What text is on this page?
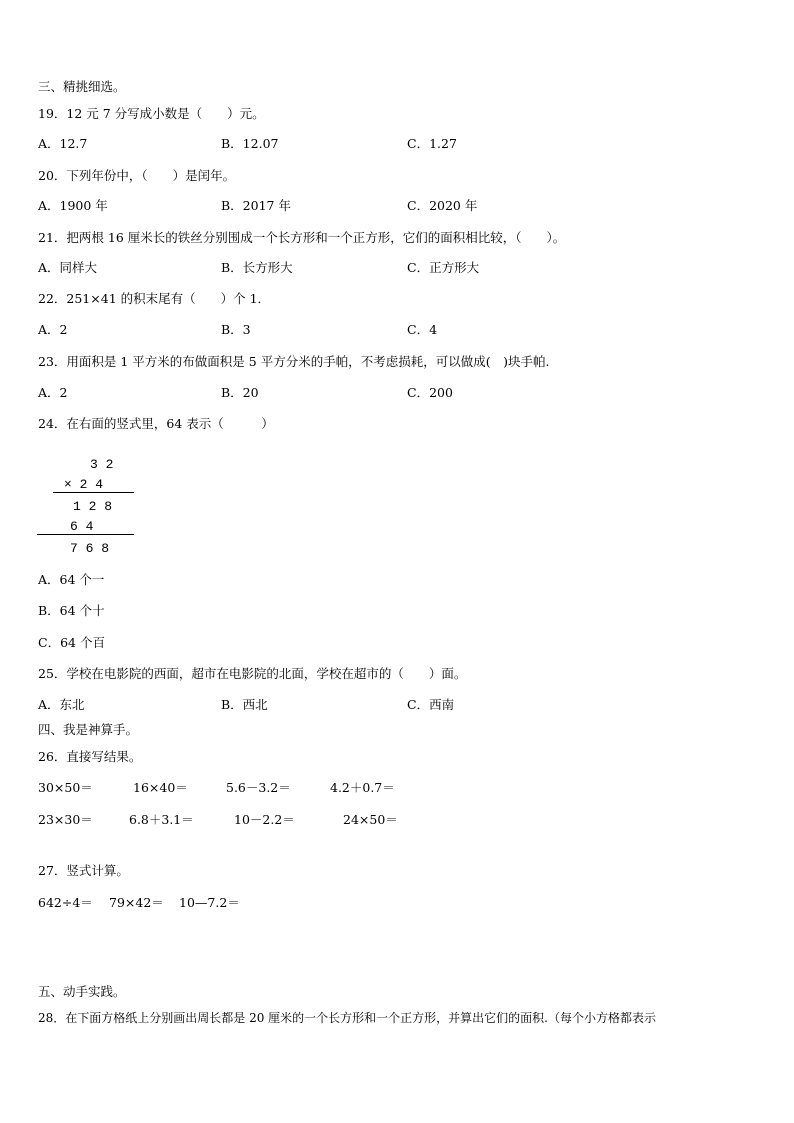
三、精挑细选。
19．12 元 7 分写成小数是（　　）元。
A．12.7	B．12.07	C．1.27
20．下列年份中，（　　）是闰年。
A．1900 年	B．2017 年	C．2020 年
21．把两根 16 厘米长的铁丝分别围成一个长方形和一个正方形，它们的面积相比较，（　　）。
A．同样大	B．长方形大	C．正方形大
22．251×41 的积末尾有（　　）个 1．
A．2	B．3	C．4
23．用面积是 1 平方米的布做面积是 5 平方分米的手帕，不考虑损耗，可以做成(　)块手帕.
A．2	B．20	C．200
24．在右面的竖式里，64 表示（　　　）
3 2
× 2 4
1 2 8
6 4
7 6 8
A．64 个一
B．64 个十
C．64 个百
25．学校在电影院的西面，超市在电影院的北面，学校在超市的（　　）面。
A．东北	B．西北	C．西南
四、我是神算手。
26．直接写结果。
30×50＝	16×40＝	5.6－3.2＝	4.2＋0.7＝
23×30＝	6.8＋3.1＝	10－2.2＝	24×50＝
27．竖式计算。
642÷4＝ 79×42＝ 10—7.2＝
五、动手实践。
28．在下面方格纸上分别画出周长都是 20 厘米的一个长方形和一个正方形，并算出它们的面积.（每个小方格都表示
